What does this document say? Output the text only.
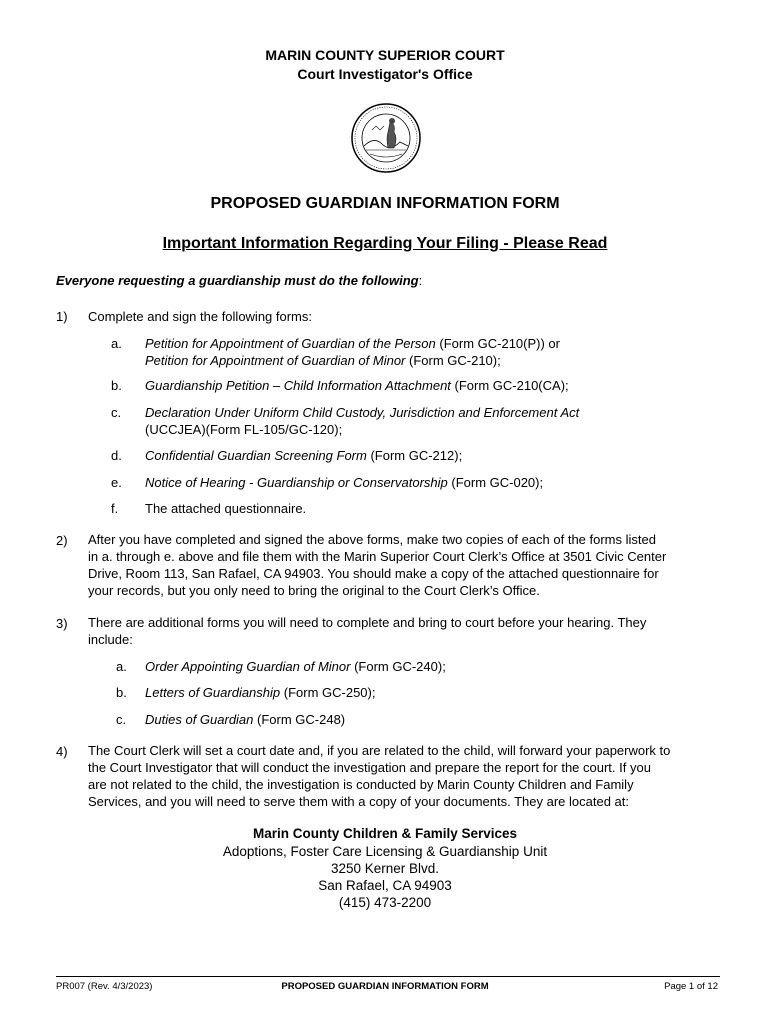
MARIN COUNTY SUPERIOR COURT
Court Investigator's Office
PROPOSED GUARDIAN INFORMATION FORM
Important Information Regarding Your Filing - Please Read
Everyone requesting a guardianship must do the following:
1) Complete and sign the following forms:
a. Petition for Appointment of Guardian of the Person (Form GC-210(P)) or
Petition for Appointment of Guardian of Minor (Form GC-210);
b. Guardianship Petition – Child Information Attachment (Form GC-210(CA);
c. Declaration Under Uniform Child Custody, Jurisdiction and Enforcement Act
(UCCJEA)(Form FL-105/GC-120);
d. Confidential Guardian Screening Form (Form GC-212);
e. Notice of Hearing - Guardianship or Conservatorship (Form GC-020);
f. The attached questionnaire.
2) After you have completed and signed the above forms, make two copies of each of the forms listed
in a. through e. above and file them with the Marin Superior Court Clerk’s Office at 3501 Civic Center
Drive, Room 113, San Rafael, CA 94903. You should make a copy of the attached questionnaire for
your records, but you only need to bring the original to the Court Clerk’s Office.
3) There are additional forms you will need to complete and bring to court before your hearing. They
include:
a. Order Appointing Guardian of Minor (Form GC-240);
b. Letters of Guardianship (Form GC-250);
c. Duties of Guardian (Form GC-248)
4) The Court Clerk will set a court date and, if you are related to the child, will forward your paperwork to
the Court Investigator that will conduct the investigation and prepare the report for the court. If you
are not related to the child, the investigation is conducted by Marin County Children and Family
Services, and you will need to serve them with a copy of your documents. They are located at:
Marin County Children & Family Services
Adoptions, Foster Care Licensing & Guardianship Unit
3250 Kerner Blvd.
San Rafael, CA 94903
(415) 473-2200
PR007 (Rev. 4/3/2023)	PROPOSED GUARDIAN INFORMATION FORM	Page 1 of 12
